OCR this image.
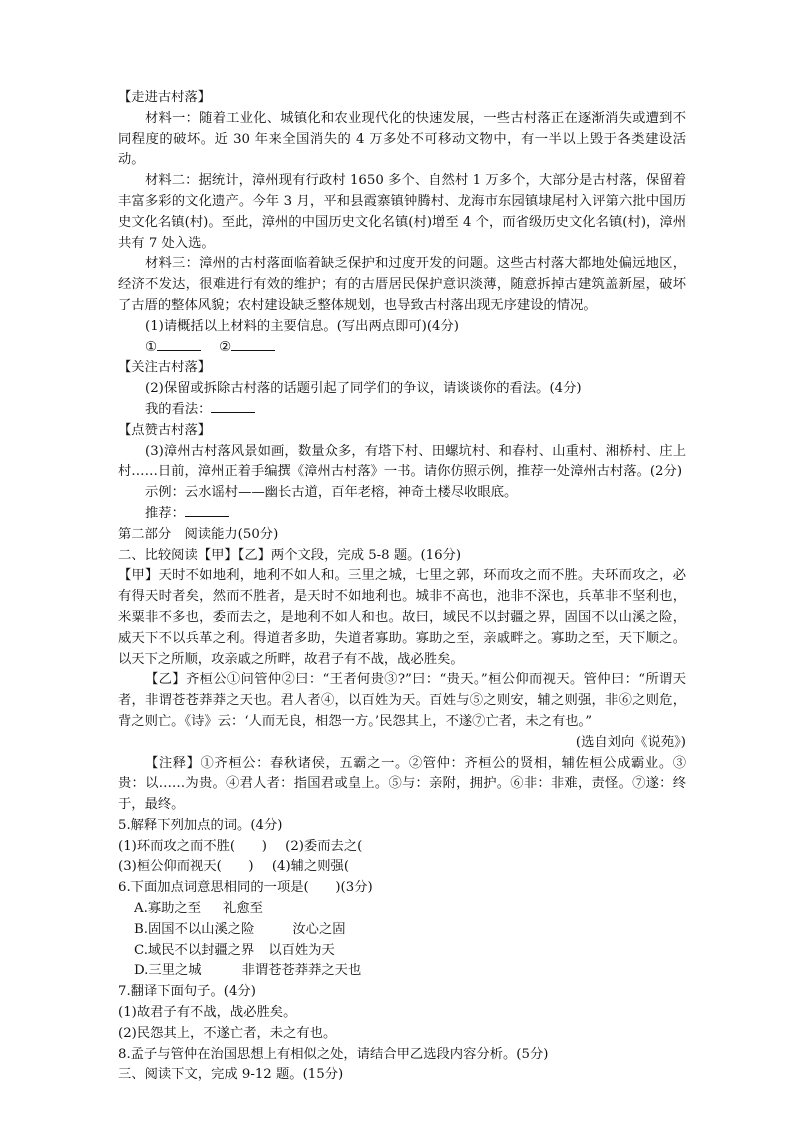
【走进古村落】

材料一：随着工业化、城镇化和农业现代化的快速发展，一些古村落正在逐渐消失或遭到不同程度的破坏。近 30 年来全国消失的 4 万多处不可移动文物中，有一半以上毁于各类建设活动。

材料二：据统计，漳州现有行政村 1650 多个、自然村 1 万多个，大部分是古村落，保留着丰富多彩的文化遗产。今年 3 月，平和县霞寨镇钟腾村、龙海市东园镇埭尾村入评第六批中国历史文化名镇(村)。至此，漳州的中国历史文化名镇(村)增至 4 个，而省级历史文化名镇(村)，漳州共有 7 处入选。

材料三：漳州的古村落面临着缺乏保护和过度开发的问题。这些古村落大都地处偏远地区，经济不发达，很难进行有效的维护；有的古厝居民保护意识淡薄，随意拆掉古建筑盖新屋，破坏了古厝的整体风貌；农村建设缺乏整体规划，也导致古村落出现无序建设的情况。

(1)请概括以上材料的主要信息。(写出两点即可)(4分)

①	②

【关注古村落】

(2)保留或拆除古村落的话题引起了同学们的争议，请谈谈你的看法。(4分)

我的看法：

【点赞古村落】

(3)漳州古村落风景如画，数量众多，有塔下村、田螺坑村、和春村、山重村、湘桥村、庄上村……日前，漳州正着手编撰《漳州古村落》一书。请你仿照示例，推荐一处漳州古村落。(2分)

示例：云水谣村——幽长古道，百年老榕，神奇土楼尽收眼底。

推荐：

第二部分　阅读能力(50分)

二、比较阅读【甲】【乙】两个文段，完成 5-8 题。(16分)

【甲】天时不如地利，地利不如人和。三里之城，七里之郭，环而攻之而不胜。夫环而攻之，必有得天时者矣，然而不胜者，是天时不如地利也。城非不高也，池非不深也，兵革非不坚利也，米粟非不多也，委而去之，是地利不如人和也。故曰，域民不以封疆之界，固国不以山溪之险，威天下不以兵革之利。得道者多助，失道者寡助。寡助之至，亲戚畔之。寡助之至，天下顺之。以天下之所顺，攻亲戚之所畔，故君子有不战，战必胜矣。

【乙】齐桓公①问管仲②曰：“王者何贵③?”曰：“贵天。”桓公仰而视天。管仲曰：“所谓天者，非谓苍苍莽莽之天也。君人者④，以百姓为天。百姓与⑤之则安，辅之则强，非⑥之则危，背之则亡。《诗》云：‘人而无良，相怨一方。’民怨其上，不遂⑦亡者，未之有也。”

(选自刘向《说苑》)

【注释】①齐桓公：春秋诸侯，五霸之一。②管仲：齐桓公的贤相，辅佐桓公成霸业。③贵：以……为贵。④君人者：指国君或皇上。⑤与：亲附，拥护。⑥非：非难，责怪。⑦遂：终于，最终。

5.解释下列加点的词。(4分)

(1)环而攻之而不胜(　　) (2)委而去之(

(3)桓公仰而视天(　　) (4)辅之则强(

6.下面加点词意思相同的一项是(　　)(3分)

A.寡助之至 礼愈至

B.固国不以山溪之险	汝心之固

C.域民不以封疆之界 以百姓为天

D.三里之城	非谓苍苍莽莽之天也

7.翻译下面句子。(4分)

(1)故君子有不战，战必胜矣。

(2)民怨其上，不遂亡者，未之有也。

8.孟子与管仲在治国思想上有相似之处，请结合甲乙选段内容分析。(5分)

三、阅读下文，完成 9-12 题。(15分)
